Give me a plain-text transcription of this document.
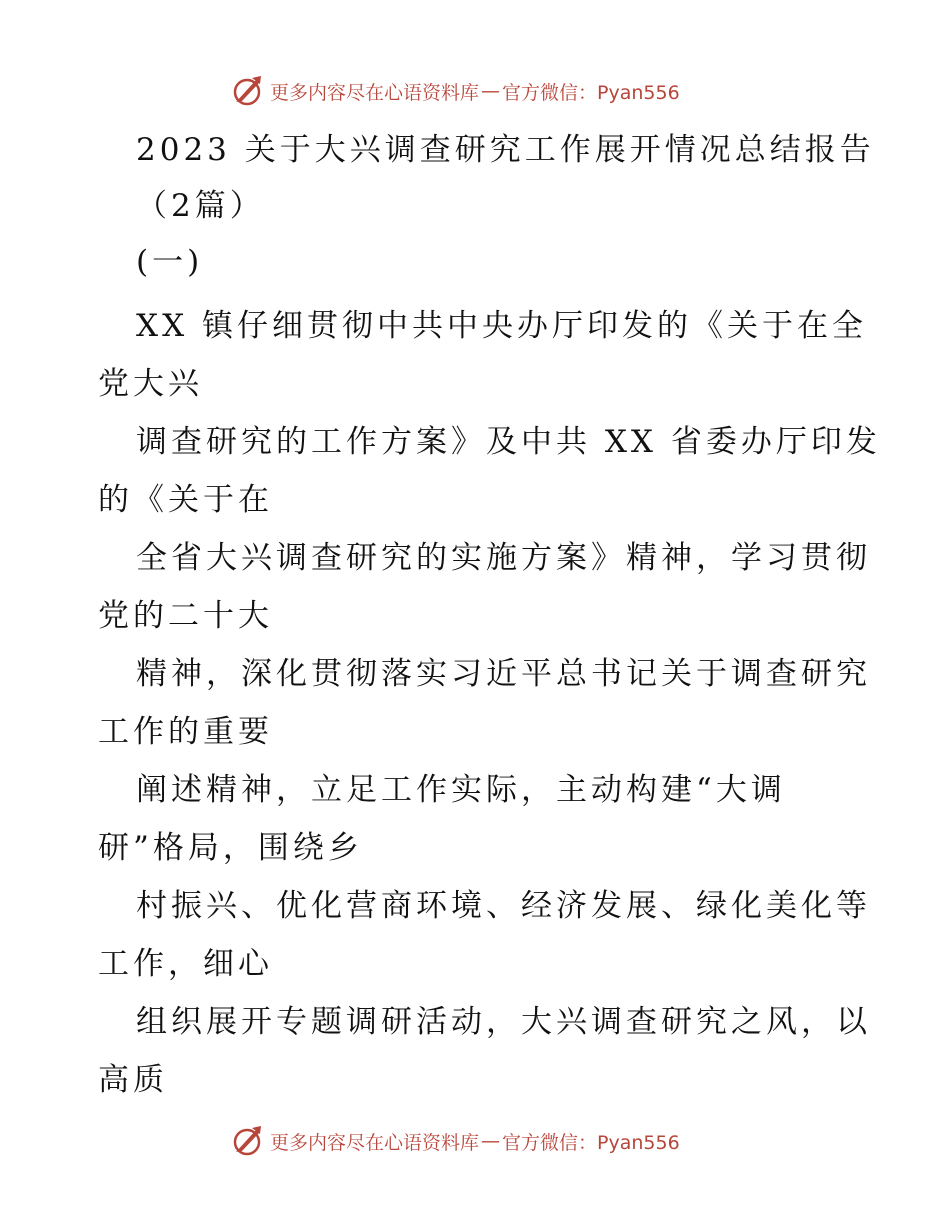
更多内容尽在心语资料库 — 官方微信：Pyan556
2023 关于大兴调查研究工作展开情况总结报告
（2篇）
(一)
XX 镇仔细贯彻中共中央办厅印发的《关于在全
党大兴
调查研究的工作方案》及中共 XX 省委办厅印发
的《关于在
全省大兴调查研究的实施方案》精神，学习贯彻
党的二十大
精神，深化贯彻落实习近平总书记关于调查研究
工作的重要
阐述精神，立足工作实际，主动构建“大调
研”格局，围绕乡
村振兴、优化营商环境、经济发展、绿化美化等
工作，细心
组织展开专题调研活动，大兴调查研究之风，以
高质
更多内容尽在心语资料库 — 官方微信：Pyan556
